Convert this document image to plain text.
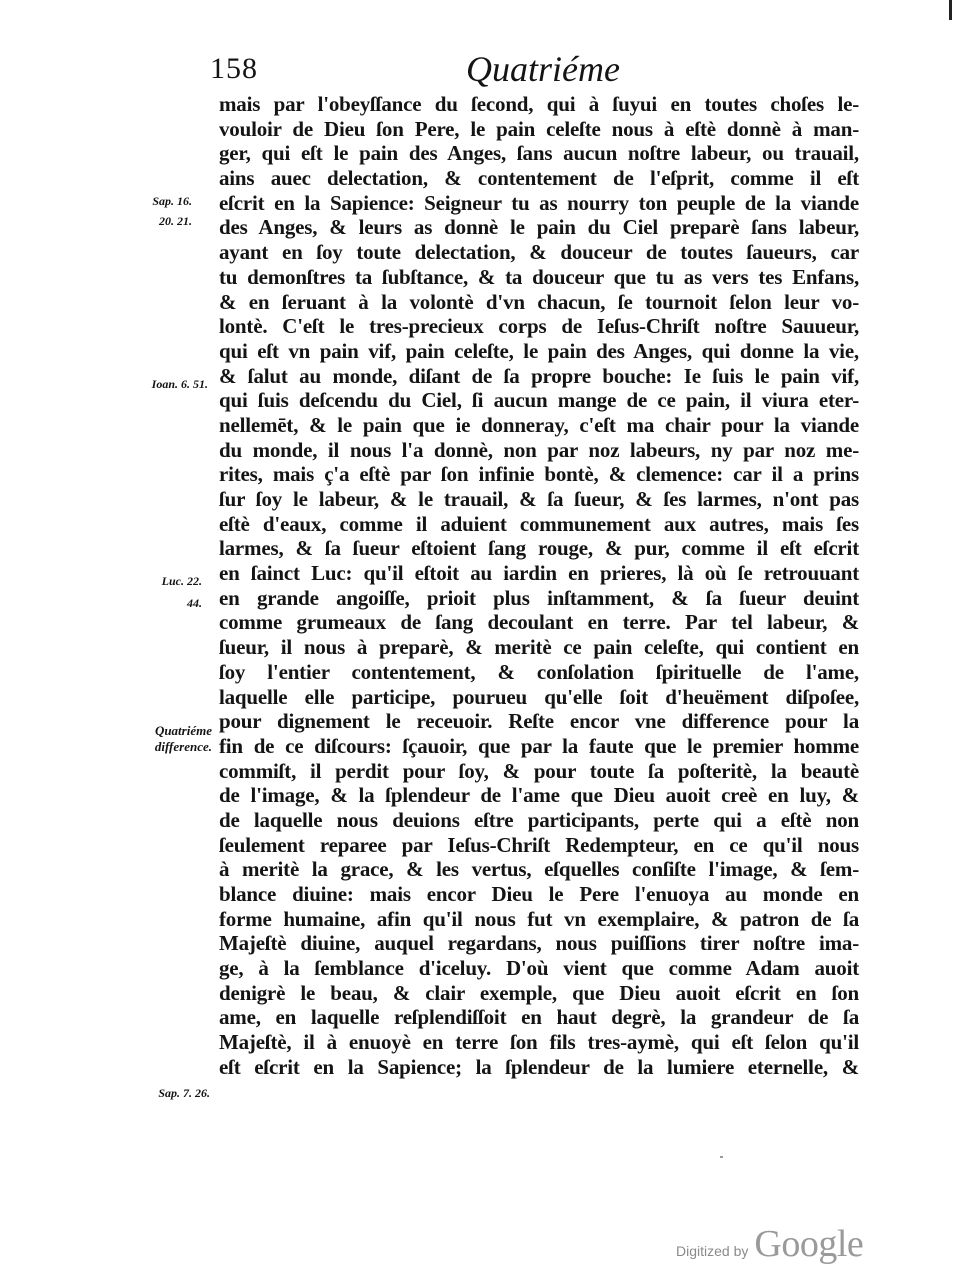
158	Quatriéme
mais par l'obeyſſance du ſecond, qui à ſuyui en toutes choſes le-
vouloir de Dieu ſon Pere, le pain celeſte nous à eſtè donnè à man-
ger, qui eſt le pain des Anges, ſans aucun noſtre labeur, ou trauail,
ains auec delectation, & contentement de l'eſprit, comme il eſt
eſcrit en la Sapience: Seigneur tu as nourry ton peuple de la viande
des Anges, & leurs as donnè le pain du Ciel preparè ſans labeur,
ayant en ſoy toute delectation, & douceur de toutes ſaueurs, car
tu demonſtres ta ſubſtance, & ta douceur que tu as vers tes Enfans,
& en ſeruant à la volontè d'vn chacun, ſe tournoit ſelon leur vo-
lontè. C'eſt le tres-precieux corps de Ieſus-Chriſt noſtre Sauueur,
qui eſt vn pain vif, pain celeſte, le pain des Anges, qui donne la vie,
& ſalut au monde, diſant de ſa propre bouche: Ie ſuis le pain vif,
qui ſuis deſcendu du Ciel, ſi aucun mange de ce pain, il viura eter-
nellemēt, & le pain que ie donneray, c'eſt ma chair pour la viande
du monde, il nous l'a donnè, non par noz labeurs, ny par noz me-
rites, mais ç'a eſtè par ſon infinie bontè, & clemence: car il a prins
ſur ſoy le labeur, & le trauail, & ſa ſueur, & ſes larmes, n'ont pas
eſtè d'eaux, comme il aduient communement aux autres, mais ſes
larmes, & ſa ſueur eſtoient ſang rouge, & pur, comme il eſt eſcrit
en ſainct Luc: qu'il eſtoit au iardin en prieres, là où ſe retrouuant
en grande angoiſſe, prioit plus inſtamment, & ſa ſueur deuint
comme grumeaux de ſang decoulant en terre. Par tel labeur, &
ſueur, il nous à preparè, & meritè ce pain celeſte, qui contient en
ſoy l'entier contentement, & conſolation ſpirituelle de l'ame,
laquelle elle participe, pourueu qu'elle ſoit d'heuëment diſpoſee,
pour dignement le receuoir. Reſte encor vne difference pour la
fin de ce diſcours: ſçauoir, que par la faute que le premier homme
commiſt, il perdit pour ſoy, & pour toute ſa poſteritè, la beautè
de l'image, & la ſplendeur de l'ame que Dieu auoit creè en luy, &
de laquelle nous deuions eſtre participants, perte qui a eſtè non
ſeulement reparee par Ieſus-Chriſt Redempteur, en ce qu'il nous
à meritè la grace, & les vertus, eſquelles conſiſte l'image, & ſem-
blance diuine: mais encor Dieu le Pere l'enuoya au monde en
forme humaine, afin qu'il nous fut vn exemplaire, & patron de ſa
Majeſtè diuine, auquel regardans, nous puiſſions tirer noſtre ima-
ge, à la ſemblance d'iceluy. D'où vient que comme Adam auoit
denigrè le beau, & clair exemple, que Dieu auoit eſcrit en ſon
ame, en laquelle reſplendiſſoit en haut degrè, la grandeur de ſa
Majeſtè, il à enuoyè en terre ſon fils tres-aymè, qui eſt ſelon qu'il
eſt eſcrit en la Sapience; la ſplendeur de la lumiere eternelle, &
Sap. 16.
20. 21.
Ioan. 6. 51.
Luc. 22.
44.
Quatriéme
difference.
Sap. 7. 26.
Digitized by Google
